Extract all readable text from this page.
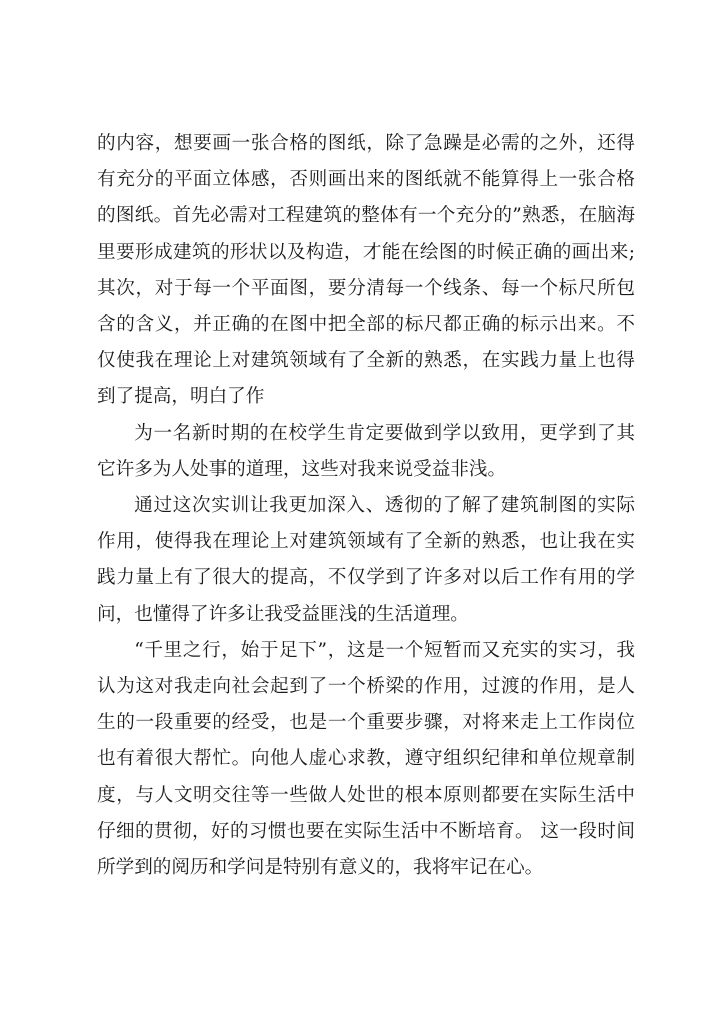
的内容，想要画一张合格的图纸，除了急躁是必需的之外，还得有充分的平面立体感，否则画出来的图纸就不能算得上一张合格的图纸。首先必需对工程建筑的整体有一个充分的”熟悉，在脑海里要形成建筑的形状以及构造，才能在绘图的时候正确的画出来; 其次，对于每一个平面图，要分清每一个线条、每一个标尺所包含的含义，并正确的在图中把全部的标尺都正确的标示出来。不仅使我在理论上对建筑领域有了全新的熟悉，在实践力量上也得到了提高，明白了作

为一名新时期的在校学生肯定要做到学以致用，更学到了其它许多为人处事的道理，这些对我来说受益非浅。

通过这次实训让我更加深入、透彻的了解了建筑制图的实际作用，使得我在理论上对建筑领域有了全新的熟悉，也让我在实践力量上有了很大的提高，不仅学到了许多对以后工作有用的学问，也懂得了许多让我受益匪浅的生活道理。

“千里之行，始于足下”，这是一个短暂而又充实的实习，我认为这对我走向社会起到了一个桥梁的作用，过渡的作用，是人生的一段重要的经受，也是一个重要步骤，对将来走上工作岗位也有着很大帮忙。向他人虚心求教，遵守组织纪律和单位规章制度，与人文明交往等一些做人处世的根本原则都要在实际生活中仔细的贯彻，好的习惯也要在实际生活中不断培育。 这一段时间所学到的阅历和学问是特别有意义的，我将牢记在心。
